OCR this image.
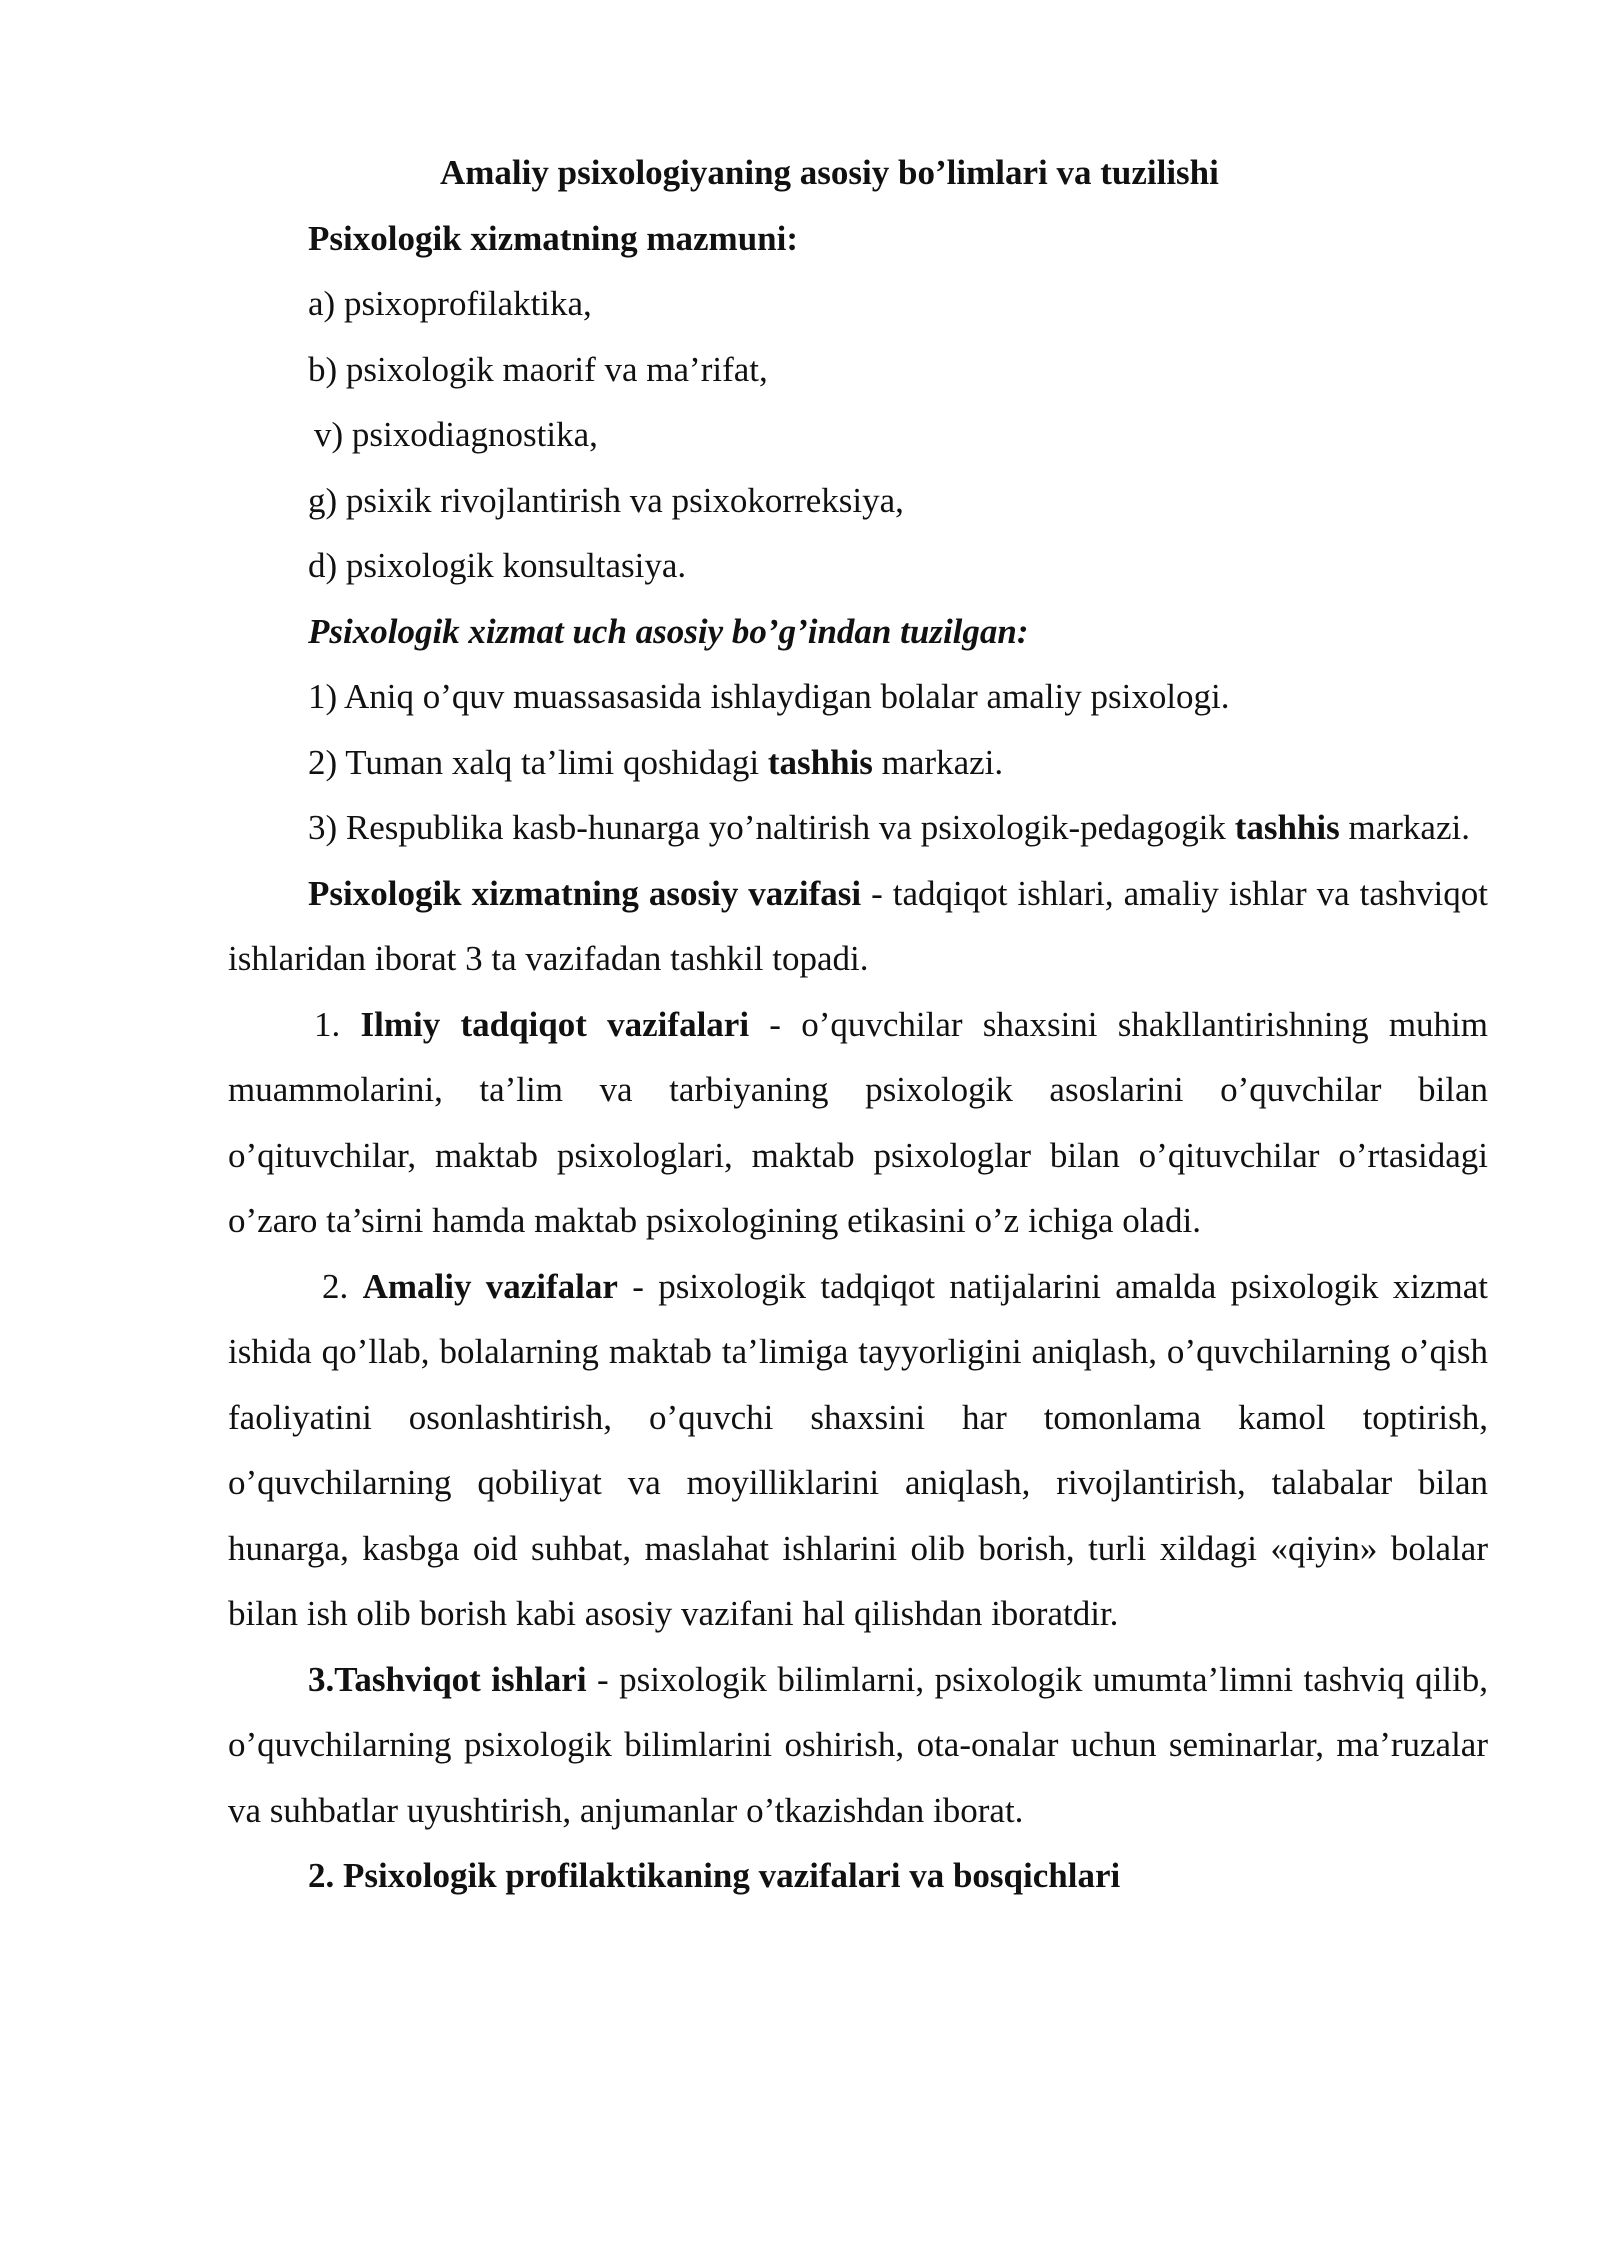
Amaliy psixologiyaning asosiy bo’limlari va tuzilishi
Psixologik xizmatning mazmuni:
a) psixoprofilaktika,
b) psixologik maorif va ma’rifat,
v) psixodiagnostika,
g) psixik rivojlantirish va psixokorreksiya,
d) psixologik konsultasiya.
Psixologik xizmat uch asosiy bo’g’indan tuzilgan:
1) Aniq o’quv muassasasida ishlaydigan bolalar amaliy psixologi.
2) Tuman xalq ta’limi qoshidagi tashhis markazi.

3) Respublika kasb-hunarga yo’naltirish va psixologik-pedagogik tashhis markazi.

Psixologik xizmatning asosiy vazifasi - tadqiqot ishlari, amaliy ishlar va tashviqot ishlaridan iborat 3 ta vazifadan tashkil topadi.

1. Ilmiy tadqiqot vazifalari - o’quvchilar shaxsini shakllantirishning muhim muammolarini, ta’lim va tarbiyaning psixologik asoslarini o’quvchilar bilan o’qituvchilar, maktab psixologlari, maktab psixologlar bilan o’qituvchilar o’rtasidagi o’zaro ta’sirni hamda maktab psixologining etikasini o’z ichiga oladi.

2. Amaliy vazifalar - psixologik tadqiqot natijalarini amalda psixologik xizmat ishida qo’llab, bolalarning maktab ta’limiga tayyorligini aniqlash, o’quvchilarning o’qish faoliyatini osonlashtirish, o’quvchi shaxsini har tomonlama kamol toptirish, o’quvchilarning qobiliyat va moyilliklarini aniqlash, rivojlantirish, talabalar bilan hunarga, kasbga oid suhbat, maslahat ishlarini olib borish, turli xildagi «qiyin» bolalar bilan ish olib borish kabi asosiy vazifani hal qilishdan iboratdir.

3.Tashviqot ishlari - psixologik bilimlarni, psixologik umumta’limni tashviq qilib, o’quvchilarning psixologik bilimlarini oshirish, ota-onalar uchun seminarlar, ma’ruzalar va suhbatlar uyushtirish, anjumanlar o’tkazishdan iborat.

2. Psixologik profilaktikaning vazifalari va bosqichlari
